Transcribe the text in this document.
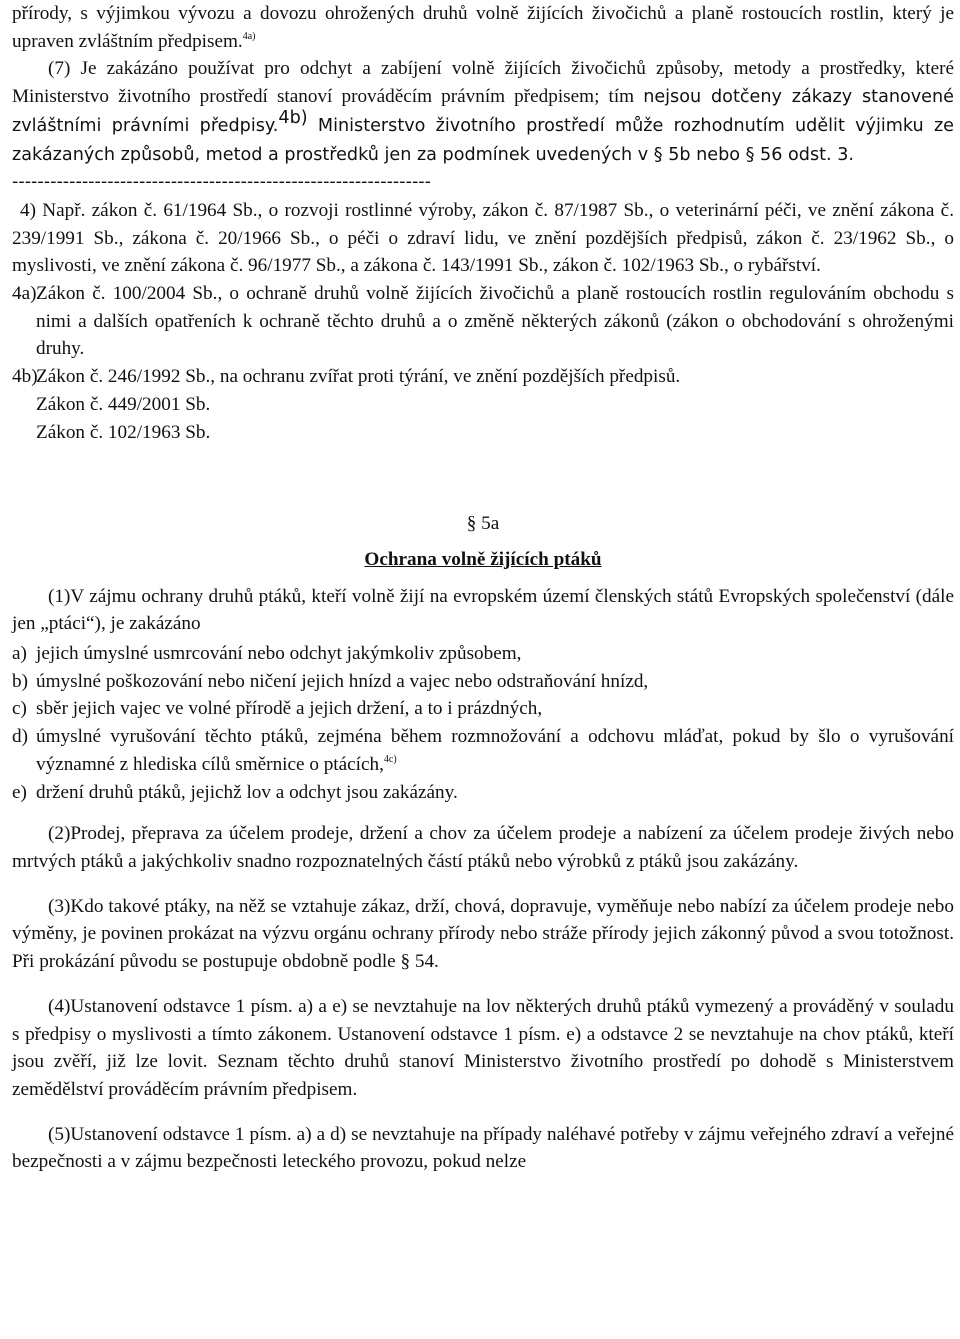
přírody, s výjimkou vývozu a dovozu ohrožených druhů volně žijících živočichů a planě rostoucích rostlin, který je upraven zvláštním předpisem.$^{4a)}$

(7) Je zakázáno používat pro odchyt a zabíjení volně žijících živočichů způsoby, metody a prostředky, které Ministerstvo životního prostředí stanoví prováděcím právním předpisem; tím nejsou dotčeny zákazy stanovené zvláštními právními předpisy.$^{4b)}$ Ministerstvo životního prostředí může rozhodnutím udělit výjimku ze zakázaných způsobů, metod a prostředků jen za podmínek uvedených v § 5b nebo § 56 odst. 3.

------------------------------------------------------------------

4) Např. zákon č. 61/1964 Sb., o rozvoji rostlinné výroby, zákon č. 87/1987 Sb., o veterinární péči, ve znění zákona č. 239/1991 Sb., zákona č. 20/1966 Sb., o péči o zdraví lidu, ve znění pozdějších předpisů, zákon č. 23/1962 Sb., o myslivosti, ve znění zákona č. 96/1977 Sb., a zákona č. 143/1991 Sb., zákon č. 102/1963 Sb., o rybářství.

4a) Zákon č. 100/2004 Sb., o ochraně druhů volně žijících živočichů a planě rostoucích rostlin regulováním obchodu s nimi a dalších opatřeních k ochraně těchto druhů a o změně některých zákonů (zákon o obchodování s ohroženými druhy.
4b)
Zákon č. 246/1992 Sb., na ochranu zvířat proti týrání, ve znění pozdějších předpisů.
Zákon č. 449/2001 Sb.
Zákon č. 102/1963 Sb.

§ 5a

Ochrana volně žijících ptáků

(1)V zájmu ochrany druhů ptáků, kteří volně žijí na evropském území členských států Evropských společenství (dále jen „ptáci“), je zakázáno

a) jejich úmyslné usmrcování nebo odchyt jakýmkoliv způsobem,
b) úmyslné poškozování nebo ničení jejich hnízd a vajec nebo odstraňování hnízd,
c) sběr jejich vajec ve volné přírodě a jejich držení, a to i prázdných,
d) úmyslné vyrušování těchto ptáků, zejména během rozmnožování a odchovu mláďat, pokud by šlo o vyrušování významné z hlediska cílů směrnice o ptácích,$^{4c)}$
e) držení druhů ptáků, jejichž lov a odchyt jsou zakázány.

(2)Prodej, přeprava za účelem prodeje, držení a chov za účelem prodeje a nabízení za účelem prodeje živých nebo mrtvých ptáků a jakýchkoliv snadno rozpoznatelných částí ptáků nebo výrobků z ptáků jsou zakázány.

(3)Kdo takové ptáky, na něž se vztahuje zákaz, drží, chová, dopravuje, vyměňuje nebo nabízí za účelem prodeje nebo výměny, je povinen prokázat na výzvu orgánu ochrany přírody nebo stráže přírody jejich zákonný původ a svou totožnost. Při prokázání původu se postupuje obdobně podle § 54.

(4)Ustanovení odstavce 1 písm. a) a e) se nevztahuje na lov některých druhů ptáků vymezený a prováděný v souladu s předpisy o myslivosti a tímto zákonem. Ustanovení odstavce 1 písm. e) a odstavce 2 se nevztahuje na chov ptáků, kteří jsou zvěří, již lze lovit. Seznam těchto druhů stanoví Ministerstvo životního prostředí po dohodě s Ministerstvem zemědělství prováděcím právním předpisem.

(5)Ustanovení odstavce 1 písm. a) a d) se nevztahuje na případy naléhavé potřeby v zájmu veřejného zdraví a veřejné bezpečnosti a v zájmu bezpečnosti leteckého provozu, pokud nelze
